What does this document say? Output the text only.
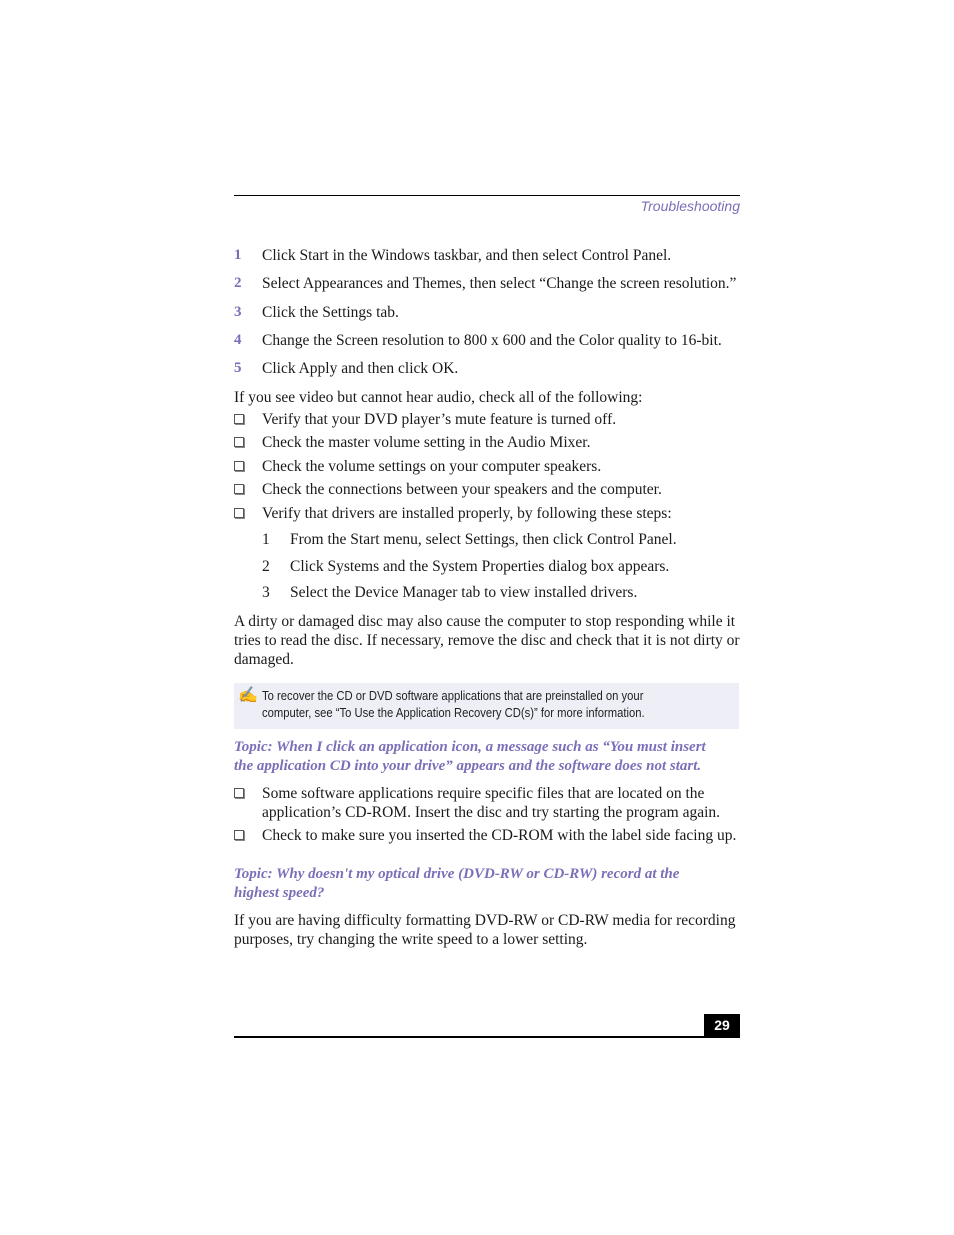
Troubleshooting
1 Click Start in the Windows taskbar, and then select Control Panel.
2 Select Appearances and Themes, then select “Change the screen resolution.”
3 Click the Settings tab.
4 Change the Screen resolution to 800 x 600 and the Color quality to 16-bit.
5 Click Apply and then click OK.
If you see video but cannot hear audio, check all of the following:
Verify that your DVD player’s mute feature is turned off.
Check the master volume setting in the Audio Mixer.
Check the volume settings on your computer speakers.
Check the connections between your speakers and the computer.
Verify that drivers are installed properly, by following these steps:
1 From the Start menu, select Settings, then click Control Panel.
2 Click Systems and the System Properties dialog box appears.
3 Select the Device Manager tab to view installed drivers.
A dirty or damaged disc may also cause the computer to stop responding while it
tries to read the disc. If necessary, remove the disc and check that it is not dirty or
damaged.
✍ To recover the CD or DVD software applications that are preinstalled on your
computer, see “To Use the Application Recovery CD(s)” for more information.
Topic: When I click an application icon, a message such as “You must insert
the application CD into your drive” appears and the software does not start.
Some software applications require specific files that are located on the
application’s CD-ROM. Insert the disc and try starting the program again.
Check to make sure you inserted the CD-ROM with the label side facing up.
Topic: Why doesn't my optical drive (DVD-RW or CD-RW) record at the
highest speed?
If you are having difficulty formatting DVD-RW or CD-RW media for recording
purposes, try changing the write speed to a lower setting.
29
